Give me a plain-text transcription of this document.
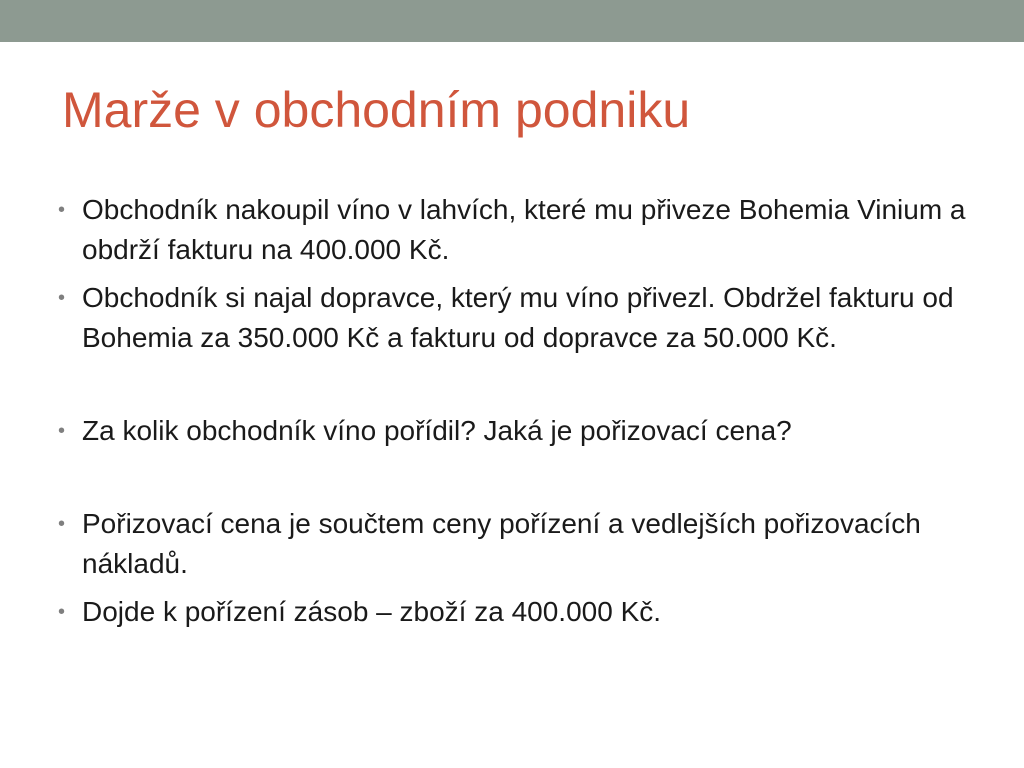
Marže v obchodním podniku
• Obchodník nakoupil víno v lahvích, které mu přiveze Bohemia Vinium a obdrží fakturu na 400.000 Kč.
• Obchodník si najal dopravce, který mu víno přivezl. Obdržel fakturu od Bohemia za 350.000 Kč a fakturu od dopravce za 50.000 Kč.
• Za kolik obchodník víno pořídil? Jaká je pořizovací cena?
• Pořizovací cena je součtem ceny pořízení a vedlejších pořizovacích nákladů.
• Dojde k pořízení zásob – zboží za 400.000 Kč.
